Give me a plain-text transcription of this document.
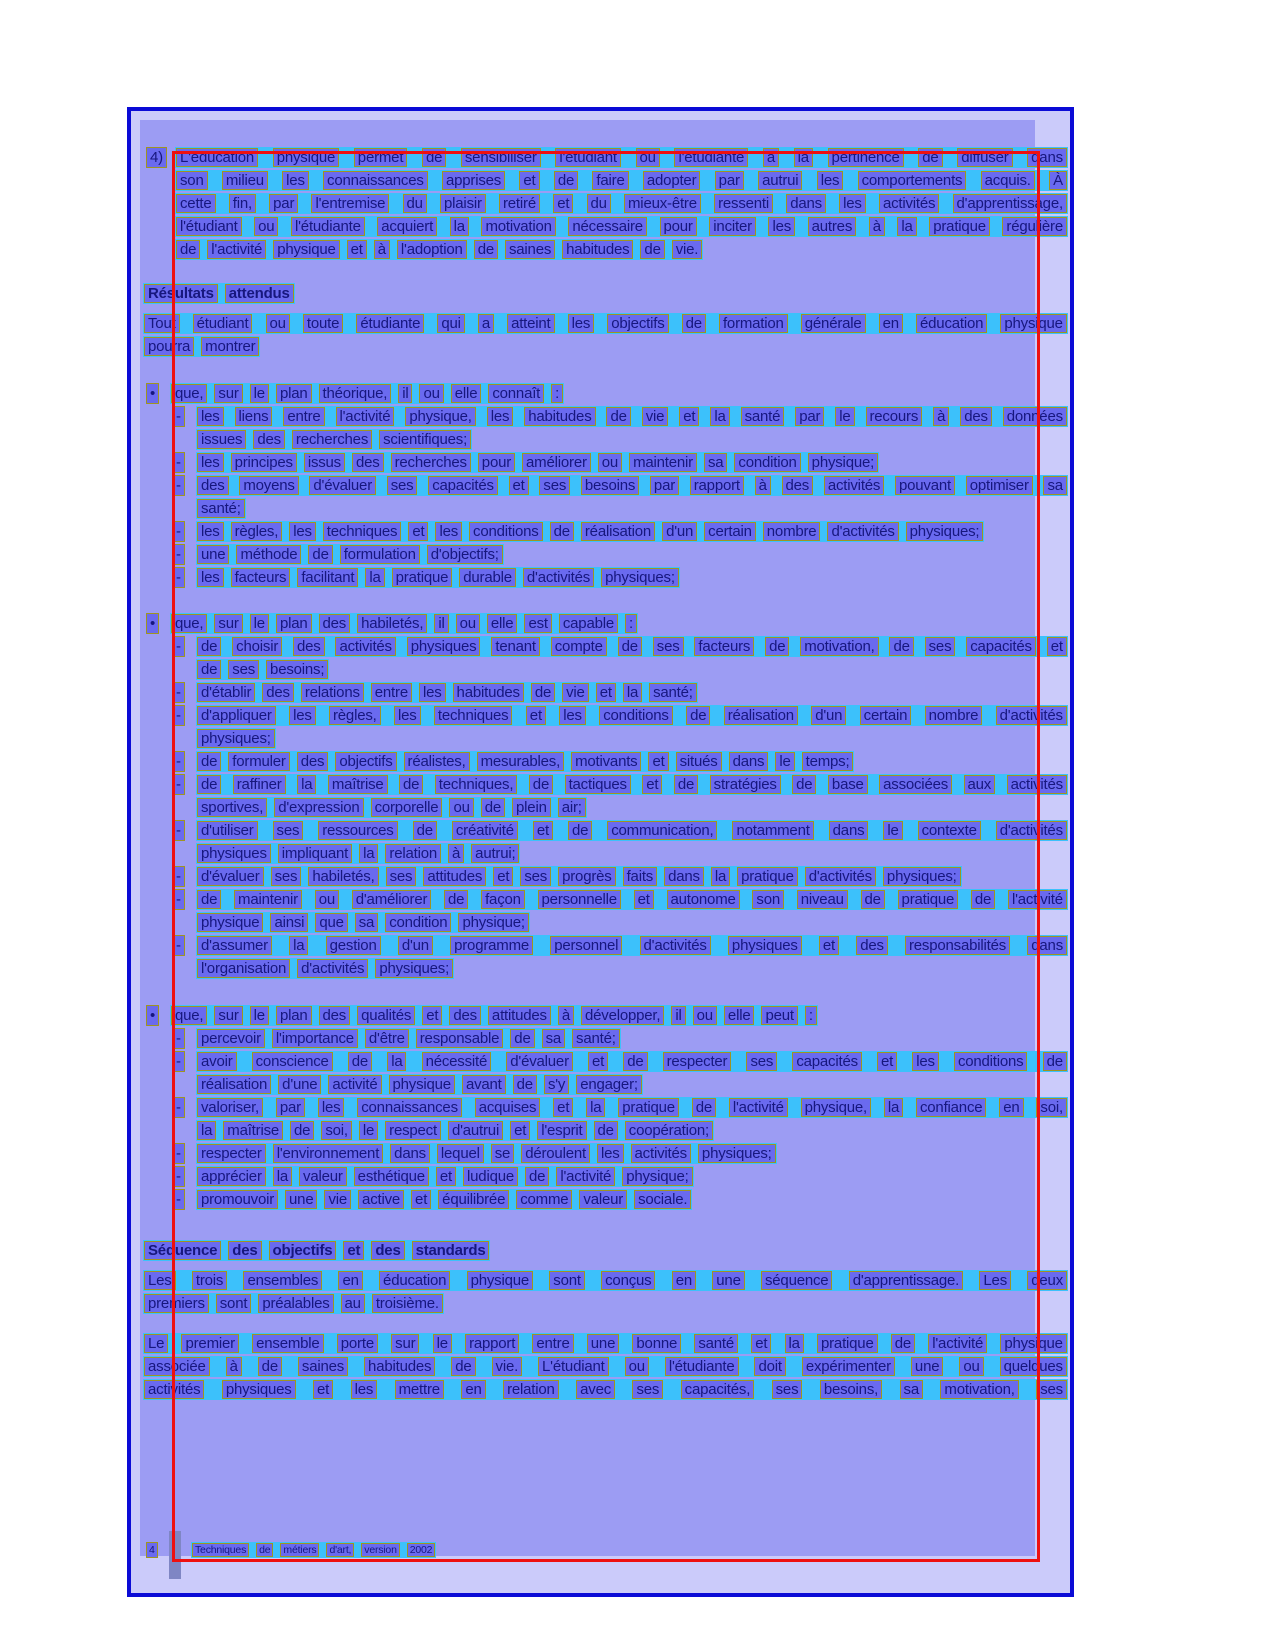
4) L'éducation physique permet de sensibiliser l'étudiant ou l'étudiante à la pertinence de diffuser dans
son milieu les connaissances apprises et de faire adopter par autrui les comportements acquis. À
cette fin, par l'entremise du plaisir retiré et du mieux-être ressenti dans les activités d'apprentissage,
l'étudiant ou l'étudiante acquiert la motivation nécessaire pour inciter les autres à la pratique régulière
de l'activité physique et à l'adoption de saines habitudes de vie.
Résultats attendus
Tout étudiant ou toute étudiante qui a atteint les objectifs de formation générale en éducation physique
pourra montrer
• que, sur le plan théorique, il ou elle connaît :
- les liens entre l'activité physique, les habitudes de vie et la santé par le recours à des données
issues des recherches scientifiques;
- les principes issus des recherches pour améliorer ou maintenir sa condition physique;
- des moyens d'évaluer ses capacités et ses besoins par rapport à des activités pouvant optimiser sa
santé;
- les règles, les techniques et les conditions de réalisation d'un certain nombre d'activités physiques;
- une méthode de formulation d'objectifs;
- les facteurs facilitant la pratique durable d'activités physiques;
• que, sur le plan des habiletés, il ou elle est capable :
- de choisir des activités physiques tenant compte de ses facteurs de motivation, de ses capacités et
de ses besoins;
- d'établir des relations entre les habitudes de vie et la santé;
- d'appliquer les règles, les techniques et les conditions de réalisation d'un certain nombre d'activités
physiques;
- de formuler des objectifs réalistes, mesurables, motivants et situés dans le temps;
- de raffiner la maîtrise de techniques, de tactiques et de stratégies de base associées aux activités
sportives, d'expression corporelle ou de plein air;
- d'utiliser ses ressources de créativité et de communication, notamment dans le contexte d'activités
physiques impliquant la relation à autrui;
- d'évaluer ses habiletés, ses attitudes et ses progrès faits dans la pratique d'activités physiques;
- de maintenir ou d'améliorer de façon personnelle et autonome son niveau de pratique de l'activité
physique ainsi que sa condition physique;
- d'assumer la gestion d'un programme personnel d'activités physiques et des responsabilités dans
l'organisation d'activités physiques;
• que, sur le plan des qualités et des attitudes à développer, il ou elle peut :
- percevoir l'importance d'être responsable de sa santé;
- avoir conscience de la nécessité d'évaluer et de respecter ses capacités et les conditions de
réalisation d'une activité physique avant de s'y engager;
- valoriser, par les connaissances acquises et la pratique de l'activité physique, la confiance en soi,
la maîtrise de soi, le respect d'autrui et l'esprit de coopération;
- respecter l'environnement dans lequel se déroulent les activités physiques;
- apprécier la valeur esthétique et ludique de l'activité physique;
- promouvoir une vie active et équilibrée comme valeur sociale.
Séquence des objectifs et des standards
Les trois ensembles en éducation physique sont conçus en une séquence d'apprentissage. Les deux
premiers sont préalables au troisième.
Le premier ensemble porte sur le rapport entre une bonne santé et la pratique de l'activité physique
associée à de saines habitudes de vie. L'étudiant ou l'étudiante doit expérimenter une ou quelques
activités physiques et les mettre en relation avec ses capacités, ses besoins, sa motivation, ses
4	Techniques de métiers d'art, version 2002
